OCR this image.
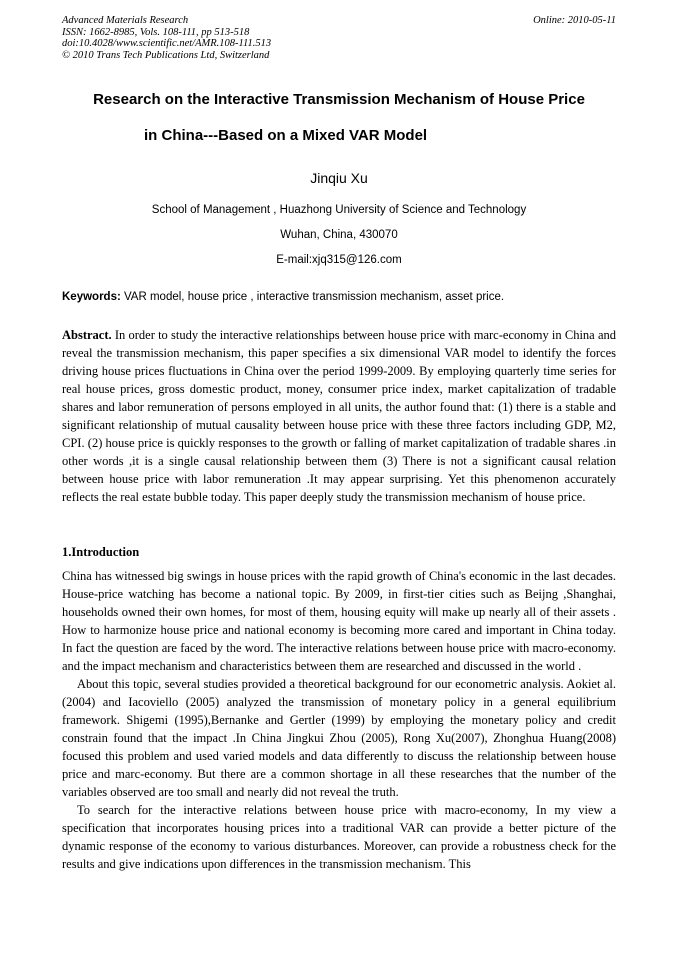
Advanced Materials Research
ISSN: 1662-8985, Vols. 108-111, pp 513-518
doi:10.4028/www.scientific.net/AMR.108-111.513
© 2010 Trans Tech Publications Ltd, Switzerland
Online: 2010-05-11
Research on the Interactive Transmission Mechanism of House Price
in China---Based on a Mixed VAR Model
Jinqiu Xu
School of Management , Huazhong University of Science and Technology
Wuhan, China, 430070
E-mail:xjq315@126.com
Keywords: VAR model, house price , interactive transmission mechanism, asset price.
Abstract. In order to study the interactive relationships between house price with marc-economy in China and reveal the transmission mechanism, this paper specifies a six dimensional VAR model to identify the forces driving house prices fluctuations in China over the period 1999-2009. By employing quarterly time series for real house prices, gross domestic product, money, consumer price index, market capitalization of tradable shares and labor remuneration of persons employed in all units, the author found that: (1) there is a stable and significant relationship of mutual causality between house price with these three factors including GDP, M2, CPI. (2) house price is quickly responses to the growth or falling of market capitalization of tradable shares .in other words ,it is a single causal relationship between them (3) There is not a significant causal relation between house price with labor remuneration .It may appear surprising. Yet this phenomenon accurately reflects the real estate bubble today. This paper deeply study the transmission mechanism of house price.
1.Introduction

China has witnessed big swings in house prices with the rapid growth of China's economic in the last decades. House-price watching has become a national topic. By 2009, in first-tier cities such as Beijng ,Shanghai, households owned their own homes, for most of them, housing equity will make up nearly all of their assets . How to harmonize house price and national economy is becoming more cared and important in China today. In fact the question are faced by the word. The interactive relations between house price with macro-economy. and the impact mechanism and characteristics between them are researched and discussed in the world .

About this topic, several studies provided a theoretical background for our econometric analysis. Aokiet al. (2004) and Iacoviello (2005) analyzed the transmission of monetary policy in a general equilibrium framework. Shigemi (1995),Bernanke and Gertler (1999) by employing the monetary policy and credit constrain found that the impact .In China Jingkui Zhou (2005), Rong Xu(2007), Zhonghua Huang(2008) focused this problem and used varied models and data differently to discuss the relationship between house price and marc-economy. But there are a common shortage in all these researches that the number of the variables observed are too small and nearly did not reveal the truth.

To search for the interactive relations between house price with macro-economy, In my view a specification that incorporates housing prices into a traditional VAR can provide a better picture of the dynamic response of the economy to various disturbances. Moreover, can provide a robustness check for the results and give indications upon differences in the transmission mechanism. This
